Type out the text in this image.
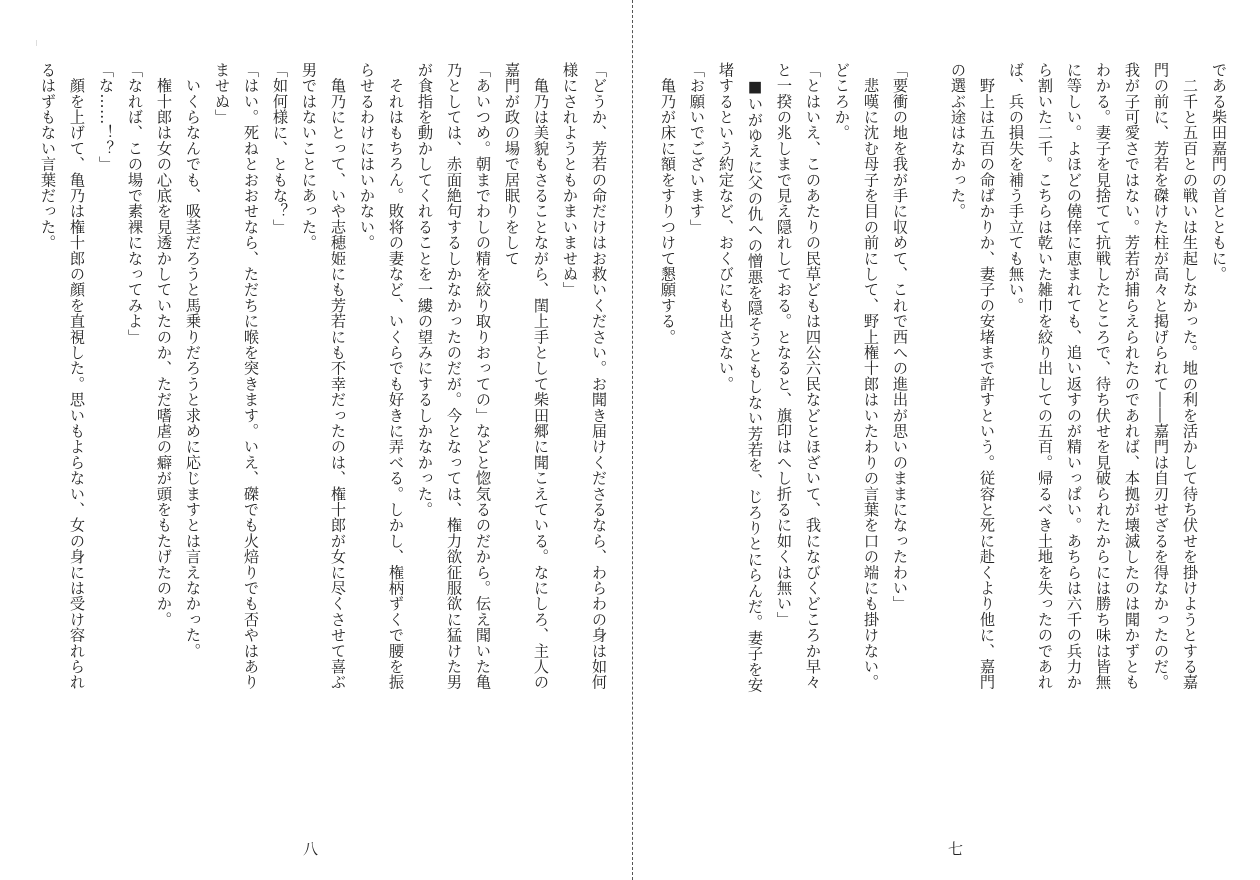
である柴田嘉門の首とともに。
　二千と五百との戦いは生起しなかった。地の利を活かして待ち伏せを掛けようとする嘉
門の前に、芳若を磔けた柱が高々と掲げられて――嘉門は自刃せざるを得なかったのだ。
我が子可愛さではない。芳若が捕らえられたのであれば、本拠が壊滅したのは聞かずとも
わかる。妻子を見捨てて抗戦したところで、待ち伏せを見破られたからには勝ち味は皆無
に等しい。よほどの僥倖に恵まれても、追い返すのが精いっぱい。あちらは六千の兵力か
ら割いた二千。こちらは乾いた雑巾を絞り出しての五百。帰るべき土地を失ったのであれ
ば、兵の損失を補う手立ても無い。
　野上は五百の命ばかりか、妻子の安堵まで許すという。従容と死に赴くより他に、嘉門
の選ぶ途はなかった。
「要衝の地を我が手に収めて、これで西への進出が思いのままになったわい」
　悲嘆に沈む母子を目の前にして、野上権十郎はいたわりの言葉を口の端にも掛けない。
どころか。
「とはいえ、このあたりの民草どもは四公六民などとほざいて、我になびくどころか早々
と一揆の兆しまで見え隠れしておる。となると、旗印はへし折るに如くは無い」
　■いがゆえに父の仇への憎悪を隠そうともしない芳若を、じろりとにらんだ。妻子を安
堵するという約定など、おくびにも出さない。
「お願いでございます」
　亀乃が床に額をすりつけて懇願する。
七
「どうか、芳若の命だけはお救いください。お聞き届けくださるなら、わらわの身は如何
様にされようともかまいませぬ」
　亀乃は美貌もさることながら、閨上手として柴田郷に聞こえている。なにしろ、主人の
嘉門が政の場で居眠りをして
「あいつめ。朝までわしの精を絞り取りおっての」などと惚気るのだから。伝え聞いた亀
乃としては、赤面絶句するしかなかったのだが。今となっては、権力欲征服欲に猛けた男
が食指を動かしてくれることを一縷の望みにするしかなかった。
　それはもちろん。敗将の妻など、いくらでも好きに弄べる。しかし、権柄ずくで腰を振
らせるわけにはいかない。
　亀乃にとって、いや志穂姫にも芳若にも不幸だったのは、権十郎が女に尽くさせて喜ぶ
男ではないことにあった。
「如何様に、ともな？」
「はい。死ねとおおせなら、ただちに喉を突きます。いえ、磔でも火焙りでも否やはあり
ませぬ」
　いくらなんでも、吸茎だろうと馬乗りだろうと求めに応じますとは言えなかった。
　権十郎は女の心底を見透かしていたのか、ただ嗜虐の癖が頭をもたげたのか。
「なれば、この場で素裸になってみよ」
「な……！？」
　顔を上げて、亀乃は権十郎の顔を直視した。思いもよらない、女の身には受け容れられ
るはずもない言葉だった。
八
